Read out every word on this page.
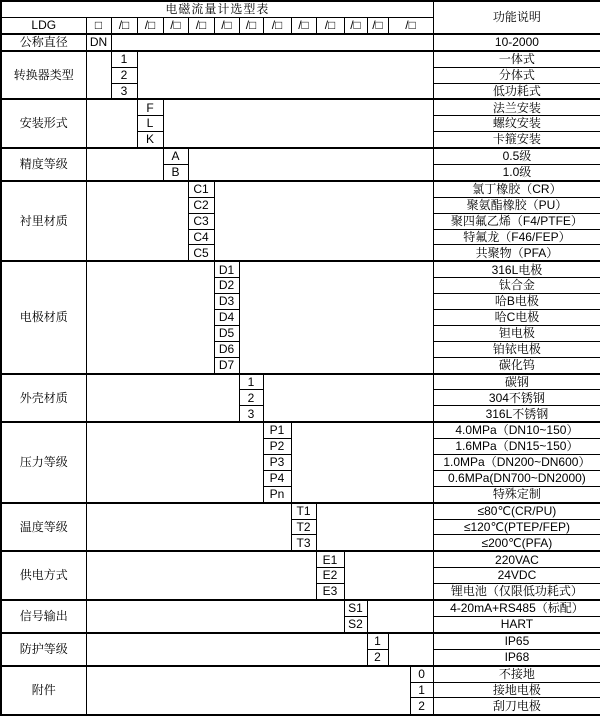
电磁流量计选型表															功能说明
LDG	□	/□	/□	/□	/□	/□	/□	/□	/□	/□	/□	/□	/□		
公称直径	DN														10-2000
转换器类型		1													一体式
		2													分体式
		3													低功耗式
安装形式			F												法兰安装
			L												螺纹安装
			K												卡箍安装
精度等级				A											0.5级
				B											1.0级
衬里材质					C1										氯丁橡胶（CR）
					C2										聚氨酯橡胶（PU）
					C3										聚四氟乙烯（F4/PTFE）
					C4										特氟龙（F46/FEP）
					C5										共聚物（PFA）
电极材质						D1									316L电极
						D2									钛合金
						D3									哈B电极
						D4									哈C电极
						D5									钽电极
						D6									铂铱电极
						D7									碳化钨
外壳材质							1								碳钢
							2								304不锈钢
							3								316L不锈钢
压力等级								P1							4.0MPa（DN10~150）
								P2							1.6MPa（DN15~150）
								P3							1.0MPa（DN200~DN600）
								P4							0.6MPa(DN700~DN2000)
								Pn							特殊定制
温度等级									T1						≤80℃(CR/PU)
									T2						≤120℃(PTEP/FEP)
									T3						≤200℃(PFA)
供电方式										E1					220VAC
										E2					24VDC
										E3					锂电池（仅限低功耗式）
信号输出											S1				4-20mA+RS485（标配）
											S2				HART
防护等级												1			IP65
												2			IP68
附件														0	不接地
														1	接地电极
														2	刮刀电极
